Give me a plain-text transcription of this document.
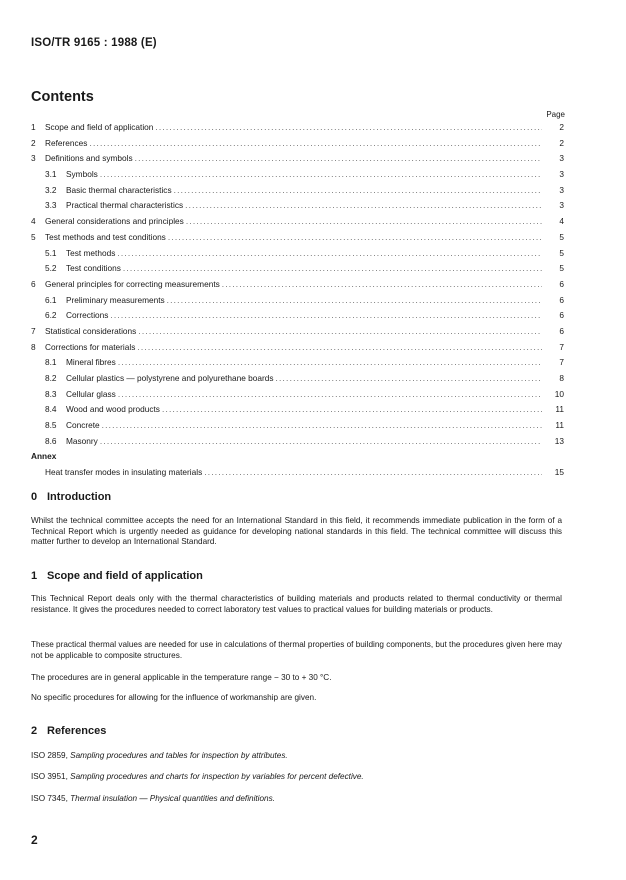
ISO/TR 9165 : 1988 (E)
Contents
Page
1	Scope and field of application .....	2
2	References .....	2
3	Definitions and symbols .....	3
3.1	Symbols .....	3
3.2	Basic thermal characteristics .....	3
3.3	Practical thermal characteristics .....	3
4	General considerations and principles .....	4
5	Test methods and test conditions .....	5
5.1	Test methods .....	5
5.2	Test conditions .....	5
6	General principles for correcting measurements .....	6
6.1	Preliminary measurements .....	6
6.2	Corrections .....	6
7	Statistical considerations .....	6
8	Corrections for materials .....	7
8.1	Mineral fibres .....	7
8.2	Cellular plastics — polystyrene and polyurethane boards .....	8
8.3	Cellular glass .....	10
8.4	Wood and wood products .....	11
8.5	Concrete .....	11
8.6	Masonry .....	13
Annex
Heat transfer modes in insulating materials .....	15
0 Introduction
Whilst the technical committee accepts the need for an International Standard in this field, it recommends immediate publication in the form of a Technical Report which is urgently needed as guidance for developing national standards in this field. The technical committee will discuss this matter further to develop an International Standard.
1 Scope and field of application
This Technical Report deals only with the thermal characteristics of building materials and products related to thermal conductivity or thermal resistance. It gives the procedures needed to correct laboratory test values to practical values for building materials or products.
These practical thermal values are needed for use in calculations of thermal properties of building components, but the procedures given here may not be applicable to composite structures.
The procedures are in general applicable in the temperature range − 30 to + 30 °C.
No specific procedures for allowing for the influence of workmanship are given.
2 References
ISO 2859, Sampling procedures and tables for inspection by attributes.
ISO 3951, Sampling procedures and charts for inspection by variables for percent defective.
ISO 7345, Thermal insulation — Physical quantities and definitions.
2
